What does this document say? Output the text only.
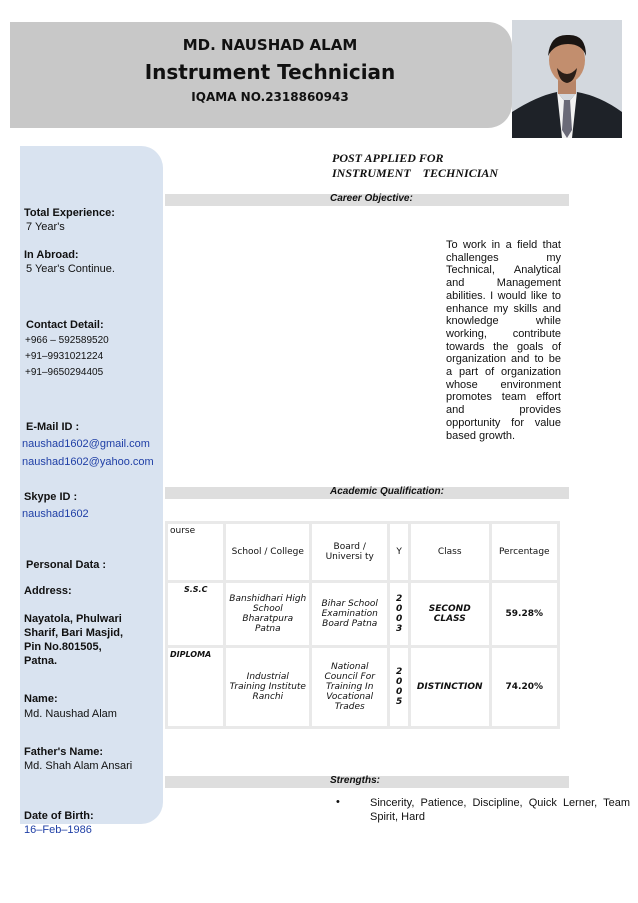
MD. NAUSHAD ALAM
Instrument Technician
IQAMA NO.2318860943
Total Experience:
7 Year's
In Abroad:
5 Year's Continue.
Contact Detail:
+966 – 592589520
+91–9931021224
+91–9650294405
E-Mail ID :
naushad1602@gmail.com
naushad1602@yahoo.com
Skype ID :
naushad1602
Personal Data :
Address:
Nayatola, Phulwari
Sharif, Bari Masjid,
Pin No.801505,
Patna.
Name:
Md. Naushad Alam
Father's Name:
Md. Shah Alam Ansari
Date of Birth:
16–Feb–1986
POST APPLIED FOR
INSTRUMENT    TECHNICIAN
Career Objective:
To work in a field that challenges my Technical, Analytical and Management abilities. I would like to enhance my skills and knowledge while working, contribute towards the goals of organization and to be a part of organization whose environment promotes team effort and provides opportunity for value based growth.
Academic Qualification:
ourse	School / College	Board / Universi ty	Y	Class	Percentage
S.S.C	Banshidhari High School Bharatpura Patna	Bihar School Examination Board Patna	2 0 0 3	SECOND CLASS	59.28%
DIPLOMA	Industrial Training Institute Ranchi	National Council For Training In Vocational Trades	2 0 0 5	DISTINCTION	74.20%
Strengths:
•	Sincerity, Patience, Discipline, Quick Lerner, Team Spirit, Hard
